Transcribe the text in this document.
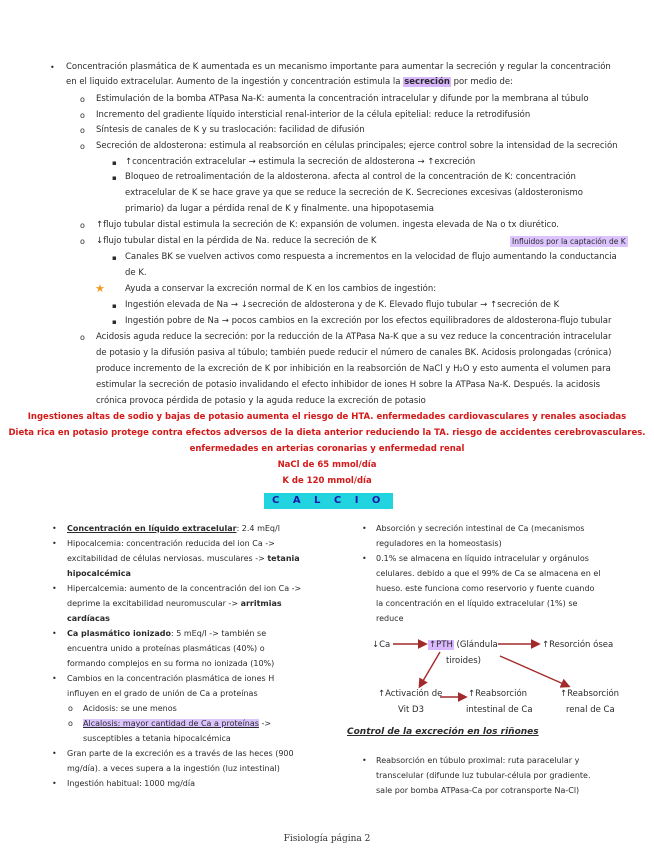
•
Concentración plasmática de K aumentada es un mecanismo importante para aumentar la secreción y regular la concentración
en el liquido extracelular. Aumento de la ingestión y concentración estimula la secreción por medio de:
o
Estimulación de la bomba ATPasa Na-K: aumenta la concentración intracelular y difunde por la membrana al túbulo
o
Incremento del gradiente líquido intersticial renal-interior de la célula epitelial: reduce la retrodifusión
o
Síntesis de canales de K y su traslocación: facilidad de difusión
o
Secreción de aldosterona: estimula al reabsorción en células principales; ejerce control sobre la intensidad de la secreción
▪
↑concentración extracelular → estimula la secreción de aldosterona → ↑excreción
▪
Bloqueo de retroalimentación de la aldosterona. afecta al control de la concentración de K: concentración
extracelular de K se hace grave ya que se reduce la secreción de K. Secreciones excesivas (aldosteronismo
primario) da lugar a pérdida renal de K y finalmente. una hipopotasemia
o
↑flujo tubular distal estimula la secreción de K: expansión de volumen. ingesta elevada de Na o tx diurético.
o
↓flujo tubular distal en la pérdida de Na. reduce la secreción de K	Influidos por la captación de K
▪
Canales BK se vuelven activos como respuesta a incrementos en la velocidad de flujo aumentando la conductancia
de K.
★ Ayuda a conservar la excreción normal de K en los cambios de ingestión:
▪
Ingestión elevada de Na → ↓secreción de aldosterona y de K. Elevado flujo tubular → ↑secreción de K
▪
Ingestión pobre de Na → pocos cambios en la excreción por los efectos equilibradores de aldosterona-flujo tubular
o
Acidosis aguda reduce la secreción: por la reducción de la ATPasa Na-K que a su vez reduce la concentración intracelular
de potasio y la difusión pasiva al túbulo; también puede reducir el número de canales BK. Acidosis prolongadas (crónica)
produce incremento de la excreción de K por inhibición en la reabsorción de NaCl y H₂O y esto aumenta el volumen para
estimular la secreción de potasio invalidando el efecto inhibidor de iones H sobre la ATPasa Na-K. Después. la acidosis
crónica provoca pérdida de potasio y la aguda reduce la excreción de potasio
Ingestiones altas de sodio y bajas de potasio aumenta el riesgo de HTA. enfermedades cardiovasculares y renales asociadas
Dieta rica en potasio protege contra efectos adversos de la dieta anterior reduciendo la TA. riesgo de accidentes cerebrovasculares.
enfermedades en arterias coronarias y enfermedad renal
NaCl de 65 mmol/día
K de 120 mmol/día
C A L C I O
•
Concentración en líquido extracelular: 2.4 mEq/l
Hipocalcemia: concentración reducida del ion Ca ->
excitabilidad de células nerviosas. musculares -> tetania
hipocalcémica
Hipercalcemia: aumento de la concentración del ion Ca ->
deprime la excitabilidad neuromuscular -> arritmias
cardíacas
Ca plasmático ionizado: 5 mEq/l -> también se
encuentra unido a proteínas plasmáticas (40%) o
formando complejos en su forma no ionizada (10%)
Cambios en la concentración plasmática de iones H
influyen en el grado de unión de Ca a proteínas
Acidosis: se une menos
Alcalosis: mayor cantidad de Ca a proteínas ->
susceptibles a tetania hipocalcémica
Gran parte de la excreción es a través de las heces (900
mg/día). a veces supera a la ingestión (luz intestinal)
Ingestión habitual: 1000 mg/día
•
•
•
•
o
o
•
•
•
Absorción y secreción intestinal de Ca (mecanismos
reguladores en la homeostasis)
0.1% se almacena en líquido intracelular y orgánulos
celulares. debido a que el 99% de Ca se almacena en el
hueso. este funciona como reservorio y fuente cuando
la concentración en el líquido extracelular (1%) se
reduce
•
↓Ca	↑PTH (Glándula
tiroides)
↑Resorción ósea
↑Activación de
Vit D3
↑Reabsorción
intestinal de Ca
↑Reabsorción
renal de Ca
Control de la excreción en los riñones
•
Reabsorción en túbulo proximal: ruta paracelular y
transcelular (difunde luz tubular-célula por gradiente.
sale por bomba ATPasa-Ca por cotransporte Na-Cl)
Fisiología página 2
